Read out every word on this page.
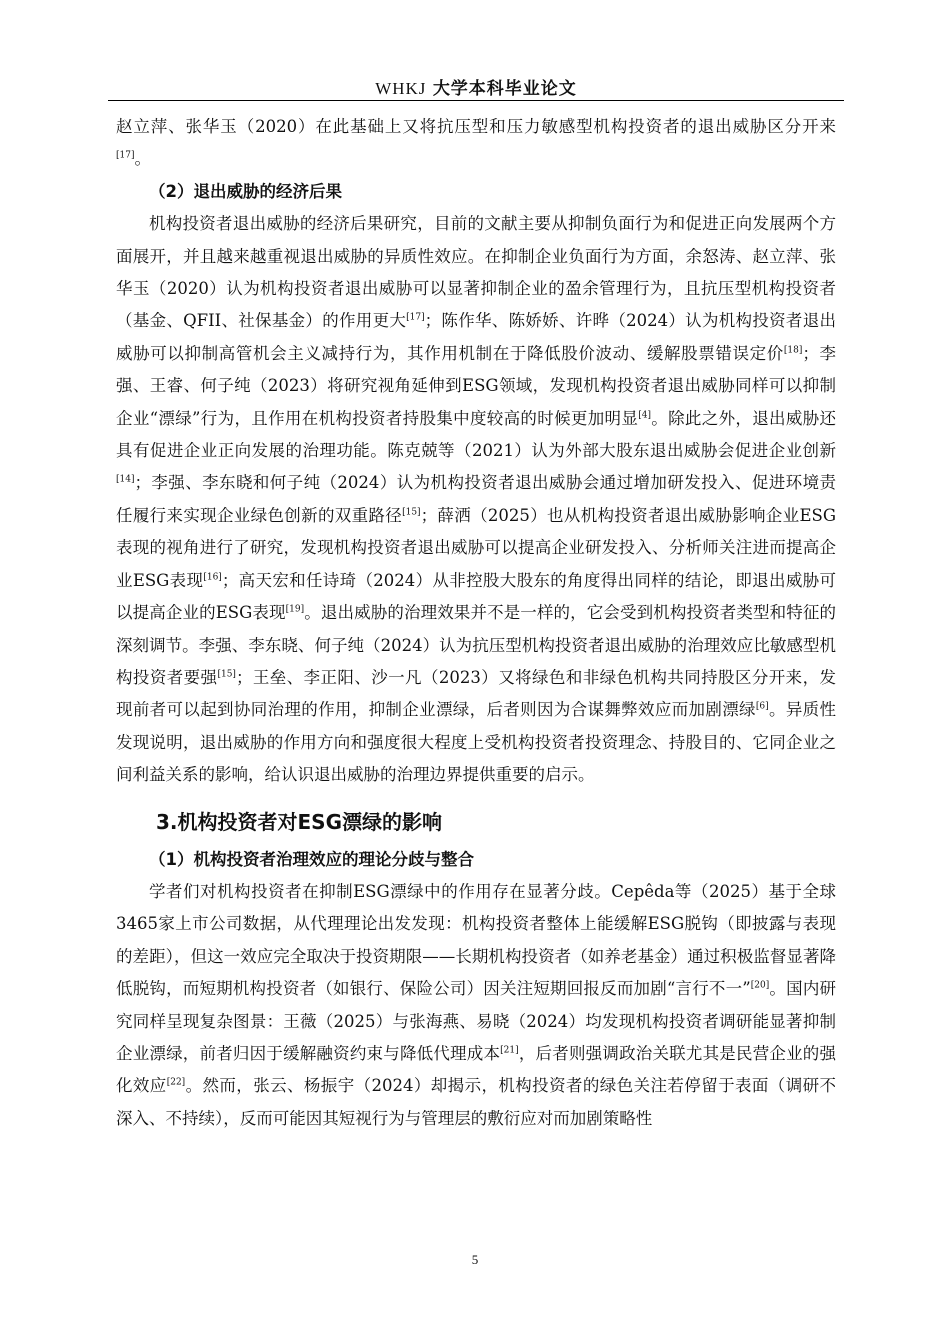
WHKJ 大学本科毕业论文

赵立萍、张华玉（2020）在此基础上又将抗压型和压力敏感型机构投资者的退出威胁区分开来[17]。

（2）退出威胁的经济后果

机构投资者退出威胁的经济后果研究，目前的文献主要从抑制负面行为和促进正向发展两个方面展开，并且越来越重视退出威胁的异质性效应。在抑制企业负面行为方面，余怒涛、赵立萍、张华玉（2020）认为机构投资者退出威胁可以显著抑制企业的盈余管理行为，且抗压型机构投资者（基金、QFII、社保基金）的作用更大[17]；陈作华、陈娇娇、许晔（2024）认为机构投资者退出威胁可以抑制高管机会主义减持行为，其作用机制在于降低股价波动、缓解股票错误定价[18]；李强、王睿、何子纯（2023）将研究视角延伸到ESG领域，发现机构投资者退出威胁同样可以抑制企业“漂绿”行为，且作用在机构投资者持股集中度较高的时候更加明显[4]。除此之外，退出威胁还具有促进企业正向发展的治理功能。陈克兢等（2021）认为外部大股东退出威胁会促进企业创新[14]；李强、李东晓和何子纯（2024）认为机构投资者退出威胁会通过增加研发投入、促进环境责任履行来实现企业绿色创新的双重路径[15]；薛洒（2025）也从机构投资者退出威胁影响企业ESG表现的视角进行了研究，发现机构投资者退出威胁可以提高企业研发投入、分析师关注进而提高企业ESG表现[16]；高天宏和任诗琦（2024）从非控股大股东的角度得出同样的结论，即退出威胁可以提高企业的ESG表现[19]。退出威胁的治理效果并不是一样的，它会受到机构投资者类型和特征的深刻调节。李强、李东晓、何子纯（2024）认为抗压型机构投资者退出威胁的治理效应比敏感型机构投资者要强[15]；王垒、李正阳、沙一凡（2023）又将绿色和非绿色机构共同持股区分开来，发现前者可以起到协同治理的作用，抑制企业漂绿，后者则因为合谋舞弊效应而加剧漂绿[6]。异质性发现说明，退出威胁的作用方向和强度很大程度上受机构投资者投资理念、持股目的、它同企业之间利益关系的影响，给认识退出威胁的治理边界提供重要的启示。

3.机构投资者对ESG漂绿的影响

（1）机构投资者治理效应的理论分歧与整合

学者们对机构投资者在抑制ESG漂绿中的作用存在显著分歧。Cepêda等（2025）基于全球3465家上市公司数据，从代理理论出发发现：机构投资者整体上能缓解ESG脱钩（即披露与表现的差距），但这一效应完全取决于投资期限——长期机构投资者（如养老基金）通过积极监督显著降低脱钩，而短期机构投资者（如银行、保险公司）因关注短期回报反而加剧“言行不一”[20]。国内研究同样呈现复杂图景：王薇（2025）与张海燕、易晓（2024）均发现机构投资者调研能显著抑制企业漂绿，前者归因于缓解融资约束与降低代理成本[21]，后者则强调政治关联尤其是民营企业的强化效应[22]。然而，张云、杨振宇（2024）却揭示，机构投资者的绿色关注若停留于表面（调研不深入、不持续），反而可能因其短视行为与管理层的敷衍应对而加剧策略性

5
